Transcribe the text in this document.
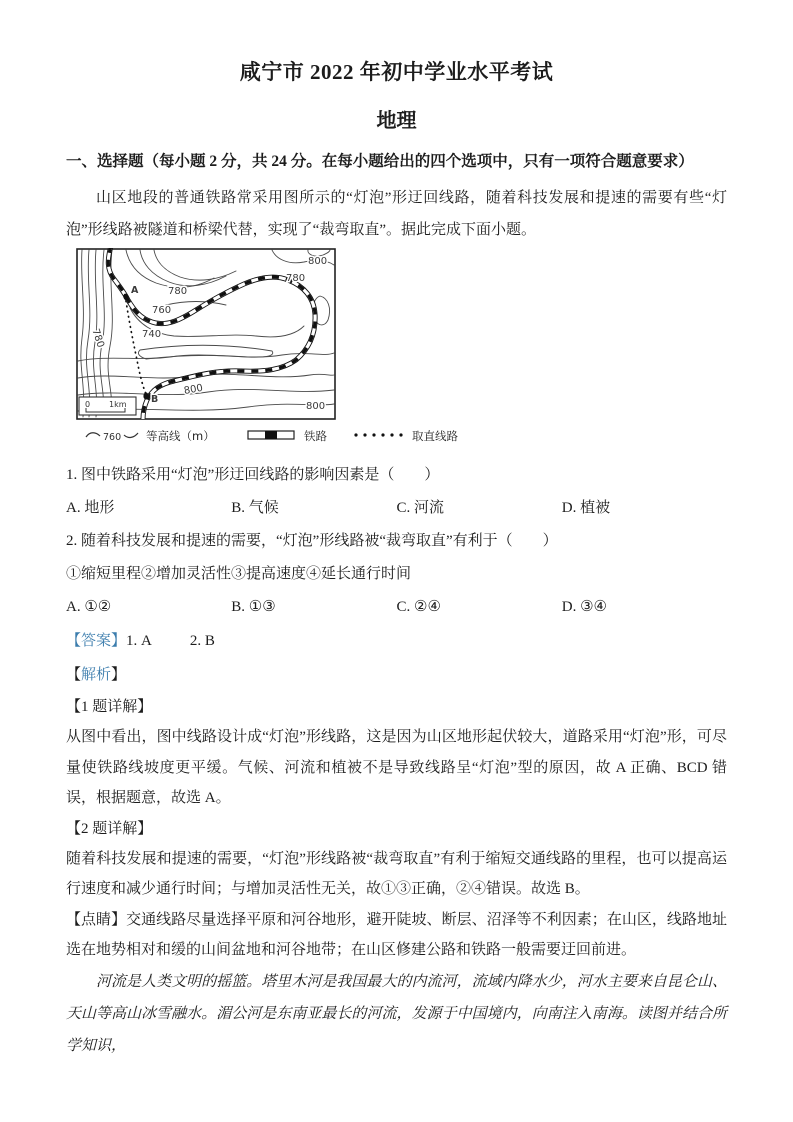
咸宁市 2022 年初中学业水平考试
地理
一、选择题（每小题 2 分，共 24 分。在每小题给出的四个选项中，只有一项符合题意要求）

山区地段的普通铁路常采用图所示的“灯泡”形迂回线路，随着科技发展和提速的需要有些“灯泡”形线路被隧道和桥梁代替，实现了“裁弯取直”。据此完成下面小题。

800
780
780
760
740
780
800
800
A
B
0 1km
760 等高线（m）	铁路	取直线路
1. 图中铁路采用“灯泡”形迂回线路的影响因素是（　　）
A. 地形	B. 气候	C. 河流	D. 植被
2. 随着科技发展和提速的需要，“灯泡”形线路被“裁弯取直”有利于（　　）
①缩短里程②增加灵活性③提高速度④延长通行时间
A. ①②	B. ①③	C. ②④	D. ③④
【答案】1. A	2. B
【解析】
【1 题详解】

从图中看出，图中线路设计成“灯泡”形线路，这是因为山区地形起伏较大，道路采用“灯泡”形，可尽量使铁路线坡度更平缓。气候、河流和植被不是导致线路呈“灯泡”型的原因，故 A 正确、BCD 错误，根据题意，故选 A。

【2 题详解】

随着科技发展和提速的需要，“灯泡”形线路被“裁弯取直”有利于缩短交通线路的里程，也可以提高运行速度和减少通行时间；与增加灵活性无关，故①③正确，②④错误。故选 B。

【点睛】交通线路尽量选择平原和河谷地形，避开陡坡、断层、沼泽等不利因素；在山区，线路地址选在地势相对和缓的山间盆地和河谷地带；在山区修建公路和铁路一般需要迂回前进。

河流是人类文明的摇篮。塔里木河是我国最大的内流河，流域内降水少，河水主要来自昆仑山、天山等高山冰雪融水。湄公河是东南亚最长的河流，发源于中国境内，向南注入南海。读图并结合所学知识，
